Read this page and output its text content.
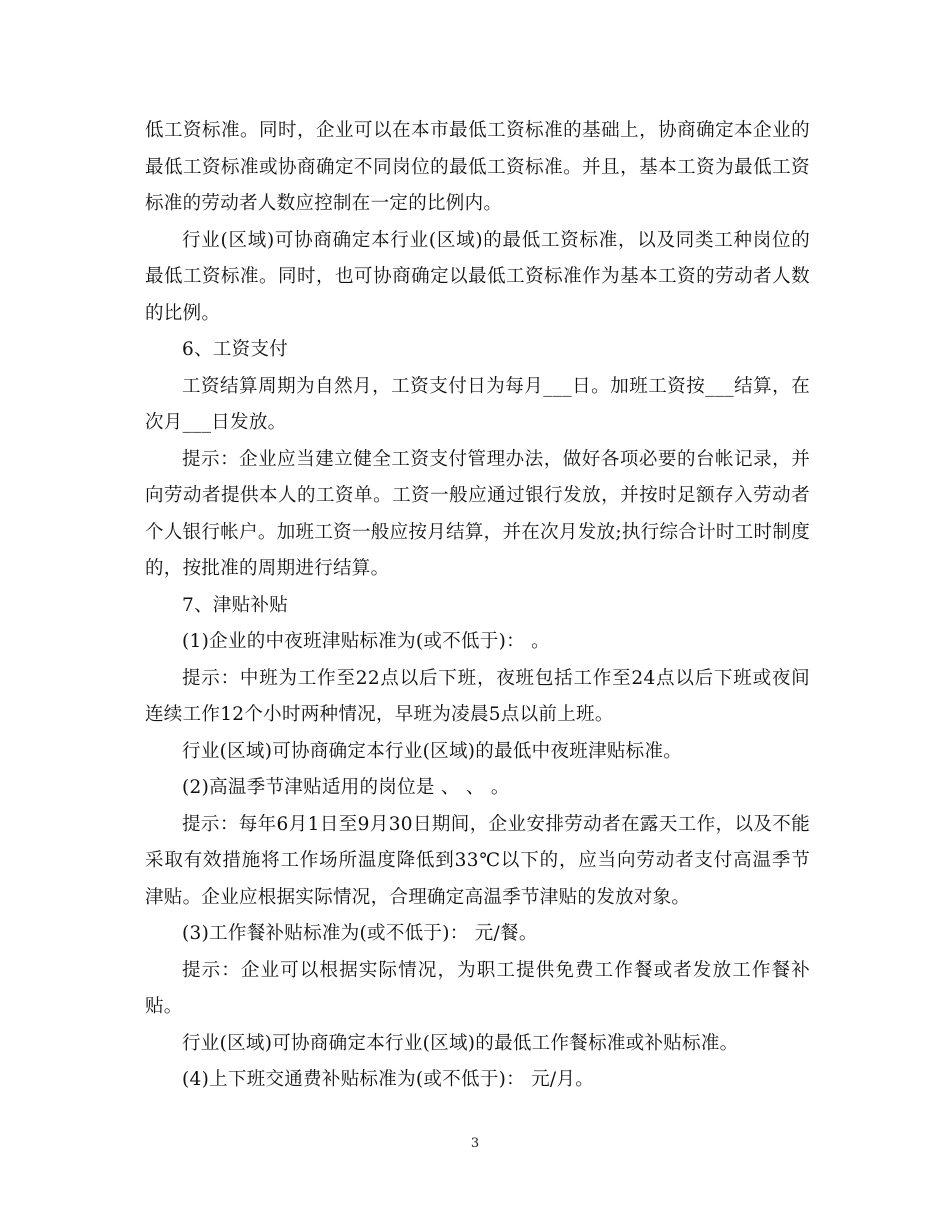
低工资标准。同时，企业可以在本市最低工资标准的基础上，协商确定本企业的最低工资标准或协商确定不同岗位的最低工资标准。并且，基本工资为最低工资标准的劳动者人数应控制在一定的比例内。

行业(区域)可协商确定本行业(区域)的最低工资标准，以及同类工种岗位的最低工资标准。同时，也可协商确定以最低工资标准作为基本工资的劳动者人数的比例。

6、工资支付

工资结算周期为自然月，工资支付日为每月___日。加班工资按___结算，在次月___日发放。

提示：企业应当建立健全工资支付管理办法，做好各项必要的台帐记录，并向劳动者提供本人的工资单。工资一般应通过银行发放，并按时足额存入劳动者个人银行帐户。加班工资一般应按月结算，并在次月发放;执行综合计时工时制度的，按批准的周期进行结算。

7、津贴补贴

(1)企业的中夜班津贴标准为(或不低于)： 。

提示：中班为工作至22点以后下班，夜班包括工作至24点以后下班或夜间连续工作12个小时两种情况，早班为凌晨5点以前上班。

行业(区域)可协商确定本行业(区域)的最低中夜班津贴标准。

(2)高温季节津贴适用的岗位是 、 、 。

提示：每年6月1日至9月30日期间，企业安排劳动者在露天工作，以及不能采取有效措施将工作场所温度降低到33℃以下的，应当向劳动者支付高温季节津贴。企业应根据实际情况，合理确定高温季节津贴的发放对象。

(3)工作餐补贴标准为(或不低于)： 元/餐。

提示：企业可以根据实际情况，为职工提供免费工作餐或者发放工作餐补贴。

行业(区域)可协商确定本行业(区域)的最低工作餐标准或补贴标准。

(4)上下班交通费补贴标准为(或不低于)： 元/月。

3
